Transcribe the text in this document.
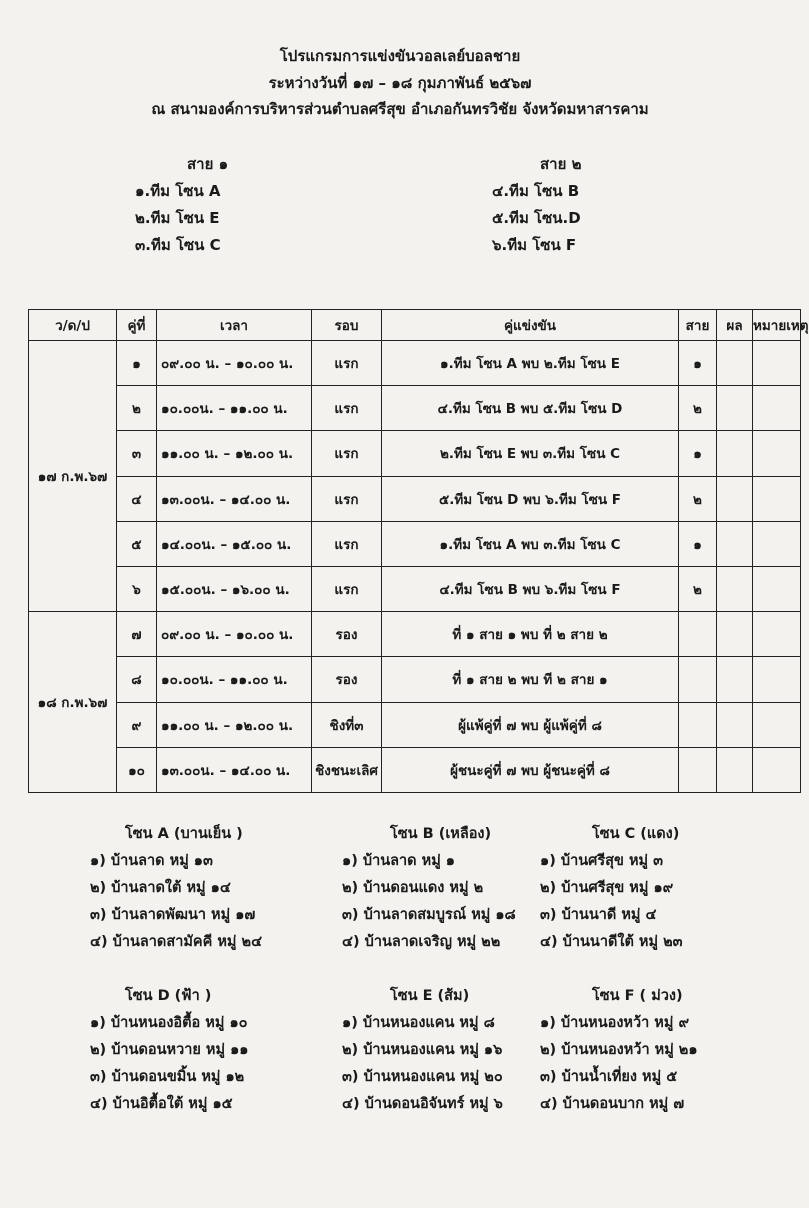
โปรแกรมการแข่งขันวอลเลย์บอลชาย
ระหว่างวันที่ ๑๗ – ๑๘ กุมภาพันธ์ ๒๕๖๗
ณ สนามองค์การบริหารส่วนตำบลศรีสุข อำเภอกันทรวิชัย จังหวัดมหาสารคาม
สาย ๑
๑.ทีม โซน A
๒.ทีม โซน E
๓.ทีม โซน C
สาย ๒
๔.ทีม โซน B
๕.ทีม โซน.D
๖.ทีม โซน F
ว/ด/ป	คู่ที่	เวลา	รอบ	คู่แข่งขัน	สาย	ผล	หมายเหตุ
๑๗ ก.พ.๖๗	๑	๐๙.๐๐ น. – ๑๐.๐๐ น.	แรก	๑.ทีม โซน A พบ ๒.ทีม โซน E	๑		
	๒	๑๐.๐๐น. – ๑๑.๐๐ น.	แรก	๔.ทีม โซน B พบ ๕.ทีม โซน D	๒		
	๓	๑๑.๐๐ น. – ๑๒.๐๐ น.	แรก	๒.ทีม โซน E พบ ๓.ทีม โซน C	๑		
	๔	๑๓.๐๐น. – ๑๔.๐๐ น.	แรก	๕.ทีม โซน D พบ ๖.ทีม โซน F	๒		
	๕	๑๔.๐๐น. – ๑๕.๐๐ น.	แรก	๑.ทีม โซน A พบ ๓.ทีม โซน C	๑		
	๖	๑๕.๐๐น. – ๑๖.๐๐ น.	แรก	๔.ทีม โซน B พบ ๖.ทีม โซน F	๒		
๑๘ ก.พ.๖๗	๗	๐๙.๐๐ น. – ๑๐.๐๐ น.	รอง	ที่ ๑ สาย ๑ พบ ที่ ๒ สาย ๒			
	๘	๑๐.๐๐น. – ๑๑.๐๐ น.	รอง	ที่ ๑ สาย ๒ พบ ที ๒ สาย ๑			
	๙	๑๑.๐๐ น. – ๑๒.๐๐ น.	ชิงที่๓	ผู้แพ้คู่ที่ ๗ พบ ผู้แพ้คู่ที่ ๘			
	๑๐	๑๓.๐๐น. – ๑๔.๐๐ น.	ชิงชนะเลิศ	ผู้ชนะคู่ที่ ๗ พบ ผู้ชนะคู่ที่ ๘			
โซน A (บานเย็น )
๑) บ้านลาด หมู่ ๑๓
๒) บ้านลาดใต้ หมู่ ๑๔
๓) บ้านลาดพัฒนา หมู่ ๑๗
๔) บ้านลาดสามัคคี หมู่ ๒๔
โซน B (เหลือง)
๑) บ้านลาด หมู่ ๑
๒) บ้านดอนแดง หมู่ ๒
๓) บ้านลาดสมบูรณ์ หมู่ ๑๘
๔) บ้านลาดเจริญ หมู่ ๒๒
โซน C (แดง)
๑) บ้านศรีสุข หมู่ ๓
๒) บ้านศรีสุข หมู่ ๑๙
๓) บ้านนาดี หมู่ ๔
๔) บ้านนาดีใต้ หมู่ ๒๓
โซน D (ฟ้า )
๑) บ้านหนองอิตื้อ หมู่ ๑๐
๒) บ้านดอนหวาย หมู่ ๑๑
๓) บ้านดอนขมิ้น หมู่ ๑๒
๔) บ้านอิตื้อใต้ หมู่ ๑๕
โซน E (ส้ม)
๑) บ้านหนองแคน หมู่ ๘
๒) บ้านหนองแคน หมู่ ๑๖
๓) บ้านหนองแคน หมู่ ๒๐
๔) บ้านดอนอิจันทร์ หมู่ ๖
โซน F ( ม่วง)
๑) บ้านหนองหว้า หมู่ ๙
๒) บ้านหนองหว้า หมู่ ๒๑
๓) บ้านน้ำเที่ยง หมู่ ๕
๔) บ้านดอนบาก หมู่ ๗
